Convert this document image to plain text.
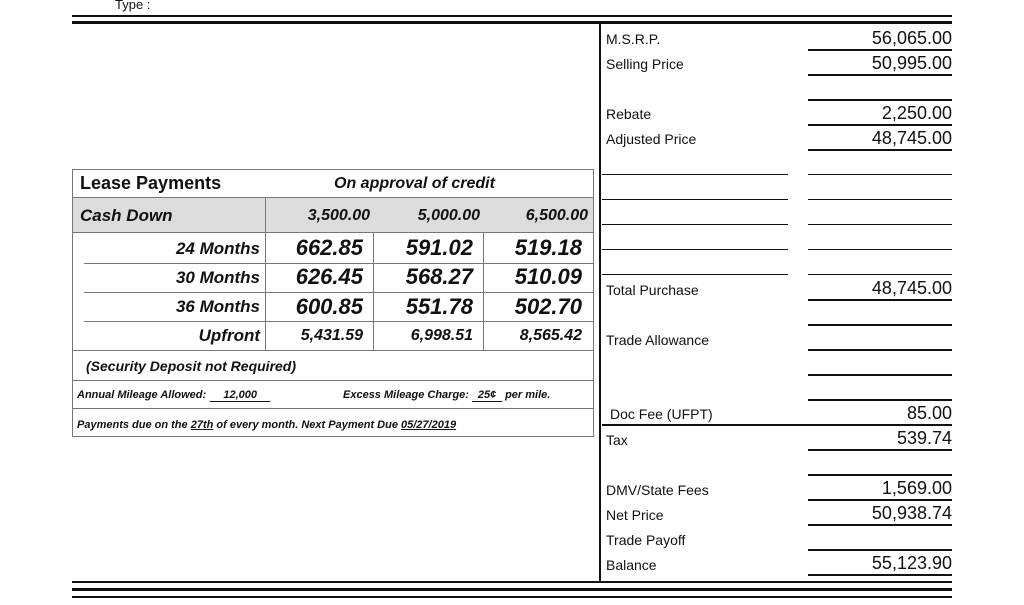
Type :
M.S.R.P.	56,065.00
Selling Price	50,995.00
Rebate	2,250.00
Adjusted Price	48,745.00
Total Purchase	48,745.00
Trade Allowance
Doc Fee (UFPT)	85.00
Tax	539.74
DMV/State Fees	1,569.00
Net Price	50,938.74
Trade Payoff
Balance	55,123.90
Lease Payments	On approval of credit
Cash Down	3,500.00	5,000.00	6,500.00
24 Months	662.85	591.02	519.18
30 Months	626.45	568.27	510.09
36 Months	600.85	551.78	502.70
Upfront	5,431.59	6,998.51	8,565.42
(Security Deposit not Required)
Annual Mileage Allowed: 12,000	Excess Mileage Charge: 25¢ per mile.
Payments due on the 27th of every month. Next Payment Due 05/27/2019
